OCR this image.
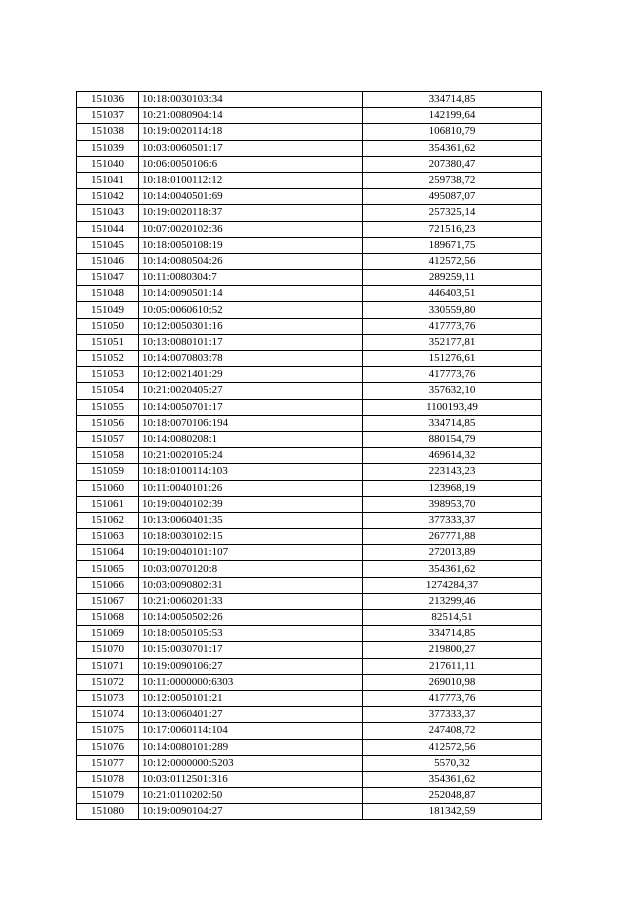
151036	10:18:0030103:34	334714,85
151037	10:21:0080904:14	142199,64
151038	10:19:0020114:18	106810,79
151039	10:03:0060501:17	354361,62
151040	10:06:0050106:6	207380,47
151041	10:18:0100112:12	259738,72
151042	10:14:0040501:69	495087,07
151043	10:19:0020118:37	257325,14
151044	10:07:0020102:36	721516,23
151045	10:18:0050108:19	189671,75
151046	10:14:0080504:26	412572,56
151047	10:11:0080304:7	289259,11
151048	10:14:0090501:14	446403,51
151049	10:05:0060610:52	330559,80
151050	10:12:0050301:16	417773,76
151051	10:13:0080101:17	352177,81
151052	10:14:0070803:78	151276,61
151053	10:12:0021401:29	417773,76
151054	10:21:0020405:27	357632,10
151055	10:14:0050701:17	1100193,49
151056	10:18:0070106:194	334714,85
151057	10:14:0080208:1	880154,79
151058	10:21:0020105:24	469614,32
151059	10:18:0100114:103	223143,23
151060	10:11:0040101:26	123968,19
151061	10:19:0040102:39	398953,70
151062	10:13:0060401:35	377333,37
151063	10:18:0030102:15	267771,88
151064	10:19:0040101:107	272013,89
151065	10:03:0070120:8	354361,62
151066	10:03:0090802:31	1274284,37
151067	10:21:0060201:33	213299,46
151068	10:14:0050502:26	82514,51
151069	10:18:0050105:53	334714,85
151070	10:15:0030701:17	219800,27
151071	10:19:0090106:27	217611,11
151072	10:11:0000000:6303	269010,98
151073	10:12:0050101:21	417773,76
151074	10:13:0060401:27	377333,37
151075	10:17:0060114:104	247408,72
151076	10:14:0080101:289	412572,56
151077	10:12:0000000:5203	5570,32
151078	10:03:0112501:316	354361,62
151079	10:21:0110202:50	252048,87
151080	10:19:0090104:27	181342,59
